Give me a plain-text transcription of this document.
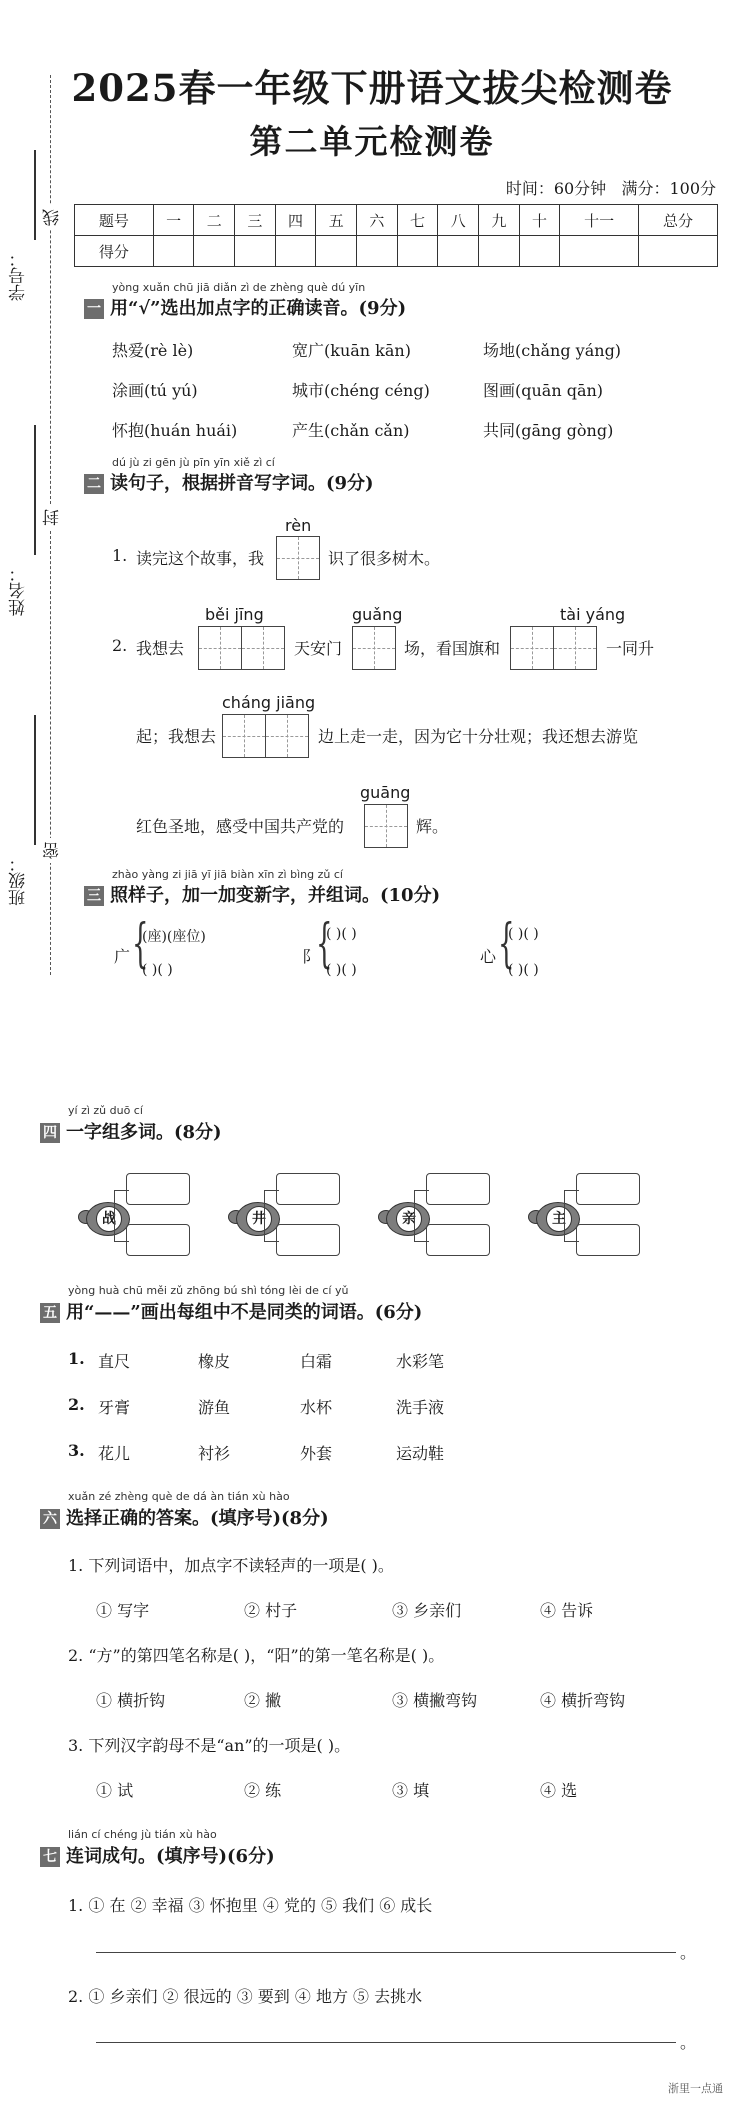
2025春一年级下册语文拔尖检测卷
第二单元检测卷
时间：60分钟 满分：100分
题号	一	二	三	四	五	六	七	八	九	十	十一	总分
得分												
学号：
线
姓名：
封
班级：
密
yòng xuǎn chū jiā diǎn zì de zhèng què dú yīn
一 用“√”选出加点字的正确读音。(9分)
热爱(rè lè)	宽广(kuān kān)	场地(chǎng yáng)
涂画(tú yú)	城市(chéng céng)	图画(quān qān)
怀抱(huán huái)	产生(chǎn cǎn)	共同(gāng gòng)
dú jù zi gēn jù pīn yīn xiě zì cí
二 读句子，根据拼音写字词。(9分)
rèn
1. 读完这个故事，我	识了很多树木。
běi jīng	guǎng	tài yáng
2. 我想去	天安门	场，看国旗和	一同升
cháng jiāng
起；我想去	边上走一走，因为它十分壮观；我还想去游览
guāng
红色圣地，感受中国共产党的	辉。
zhào yàng zi jiā yī jiā biàn xīn zì bìng zǔ cí
三 照样子，加一加变新字，并组词。(10分)
广 {
(座)(座位)
( )( )
阝
{
( )( )
( )( )
心 {
( )( )
( )( )
yí zì zǔ duō cí
四 一字组多词。(8分)
战	井	亲	主
yòng huà chū měi zǔ zhōng bú shì tóng lèi de cí yǔ
五 用“——”画出每组中不是同类的词语。(6分)
1. 直尺	橡皮	白霜	水彩笔
2. 牙膏	游鱼	水杯	洗手液
3. 花儿	衬衫	外套	运动鞋
xuǎn zé zhèng què de dá àn tián xù hào
六 选择正确的答案。(填序号)(8分)
1. 下列词语中，加点字不读轻声的一项是( )。
① 写字	② 村子	③ 乡亲们	④ 告诉
2. “方”的第四笔名称是( )，“阳”的第一笔名称是( )。
① 横折钩	② 撇	③ 横撇弯钩	④ 横折弯钩
3. 下列汉字韵母不是“an”的一项是( )。
① 试	② 练	③ 填	④ 选
lián cí chéng jù tián xù hào
七 连词成句。(填序号)(6分)
1. ① 在 ② 幸福 ③ 怀抱里 ④ 党的 ⑤ 我们 ⑥ 成长
。
2. ① 乡亲们 ② 很远的 ③ 要到 ④ 地方 ⑤ 去挑水
。
浙里一点通
